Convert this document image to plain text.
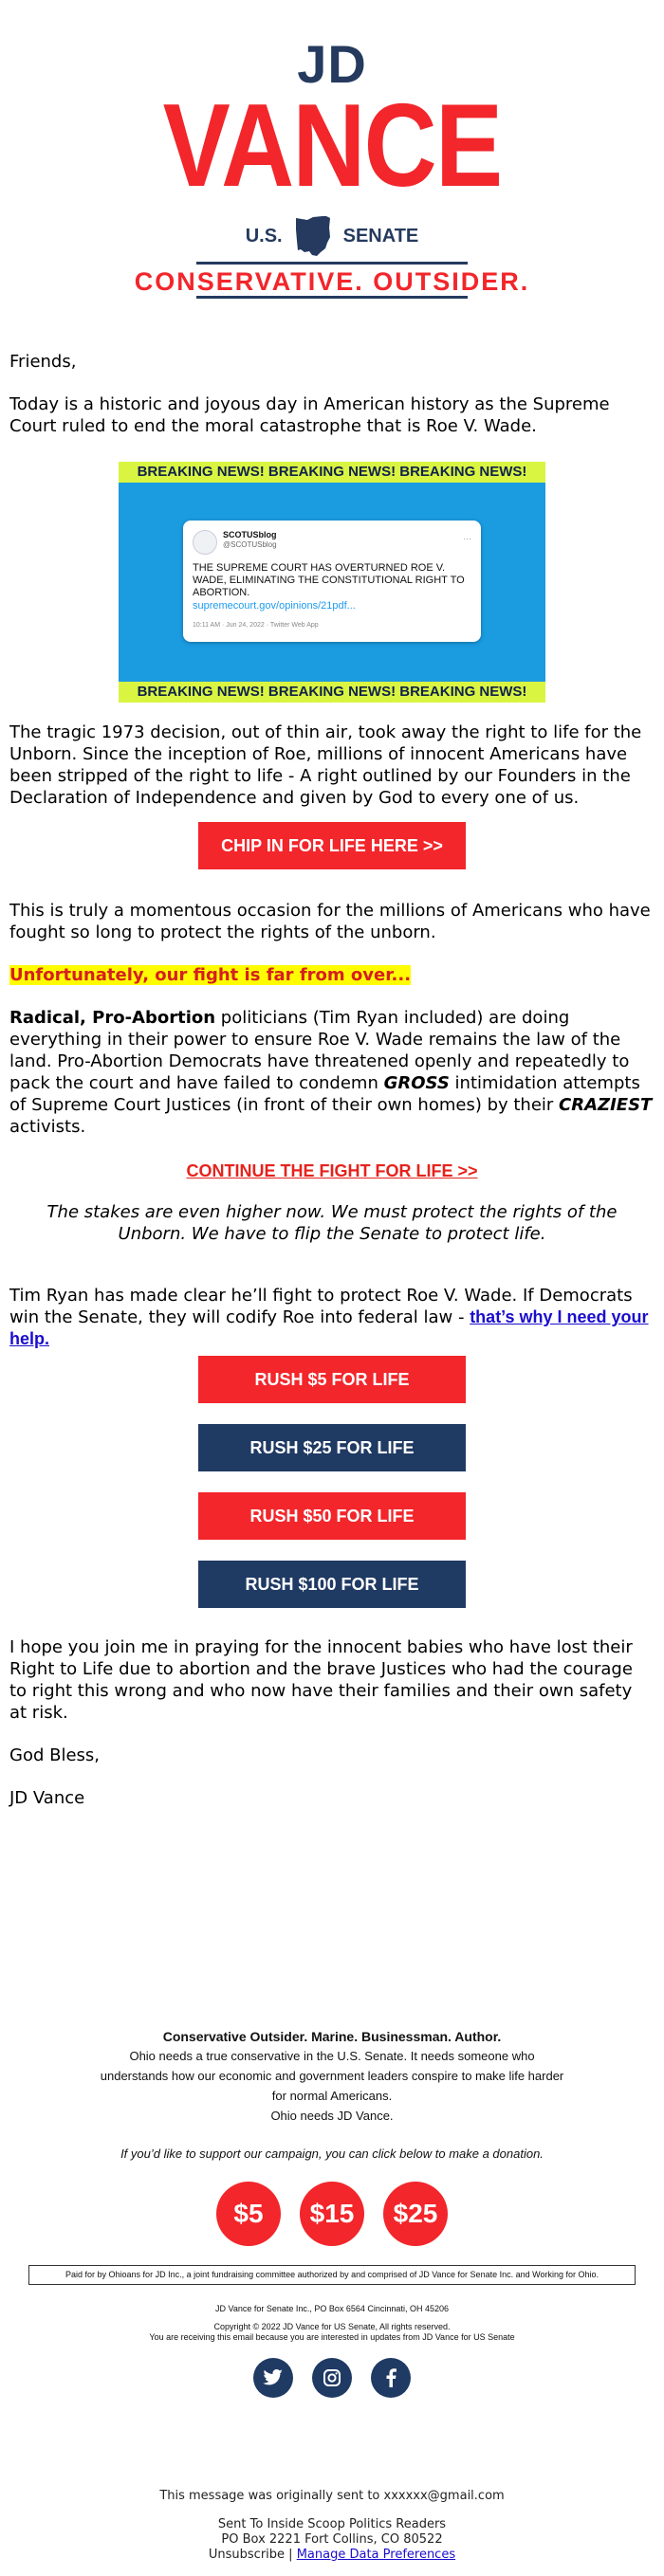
JD
VANCE
U.S.	SENATE
CONSERVATIVE. OUTSIDER.
Friends,
Today is a historic and joyous day in American history as the Supreme Court ruled to end the moral catastrophe that is Roe V. Wade.
BREAKING NEWS! BREAKING NEWS! BREAKING NEWS!
SCOTUSblog
@SCOTUSblog
···
THE SUPREME COURT HAS OVERTURNED ROE V. WADE, ELIMINATING THE CONSTITUTIONAL RIGHT TO ABORTION.
supremecourt.gov/opinions/21pdf...
10:11 AM · Jun 24, 2022 · Twitter Web App
BREAKING NEWS! BREAKING NEWS! BREAKING NEWS!
The tragic 1973 decision, out of thin air, took away the right to life for the Unborn. Since the inception of Roe, millions of innocent Americans have been stripped of the right to life - A right outlined by our Founders in the Declaration of Independence and given by God to every one of us.
CHIP IN FOR LIFE HERE >>
This is truly a momentous occasion for the millions of Americans who have fought so long to protect the rights of the unborn.
Unfortunately, our fight is far from over...
Radical, Pro-Abortion politicians (Tim Ryan included) are doing everything in their power to ensure Roe V. Wade remains the law of the land. Pro-Abortion Democrats have threatened openly and repeatedly to pack the court and have failed to condemn GROSS intimidation attempts of Supreme Court Justices (in front of their own homes) by their CRAZIEST activists.
CONTINUE THE FIGHT FOR LIFE >>
The stakes are even higher now. We must protect the rights of the Unborn. We have to flip the Senate to protect life.
Tim Ryan has made clear he’ll fight to protect Roe V. Wade. If Democrats win the Senate, they will codify Roe into federal law - that’s why I need your help.
RUSH $5 FOR LIFE
RUSH $25 FOR LIFE
RUSH $50 FOR LIFE
RUSH $100 FOR LIFE
I hope you join me in praying for the innocent babies who have lost their Right to Life due to abortion and the brave Justices who had the courage to right this wrong and who now have their families and their own safety at risk.
God Bless,
JD Vance
Conservative Outsider. Marine. Businessman. Author.
Ohio needs a true conservative in the U.S. Senate. It needs someone who understands how our economic and government leaders conspire to make life harder for normal Americans.
Ohio needs JD Vance.
If you’d like to support our campaign, you can click below to make a donation.
$5	$15	$25
Paid for by Ohioans for JD Inc., a joint fundraising committee authorized by and comprised of JD Vance for Senate Inc. and Working for Ohio.
JD Vance for Senate Inc., PO Box 6564 Cincinnati, OH 45206
Copyright © 2022 JD Vance for US Senate, All rights reserved.
You are receiving this email because you are interested in updates from JD Vance for US Senate
This message was originally sent to xxxxxx@gmail.com
Sent To Inside Scoop Politics Readers
PO Box 2221 Fort Collins, CO 80522
Unsubscribe | Manage Data Preferences
